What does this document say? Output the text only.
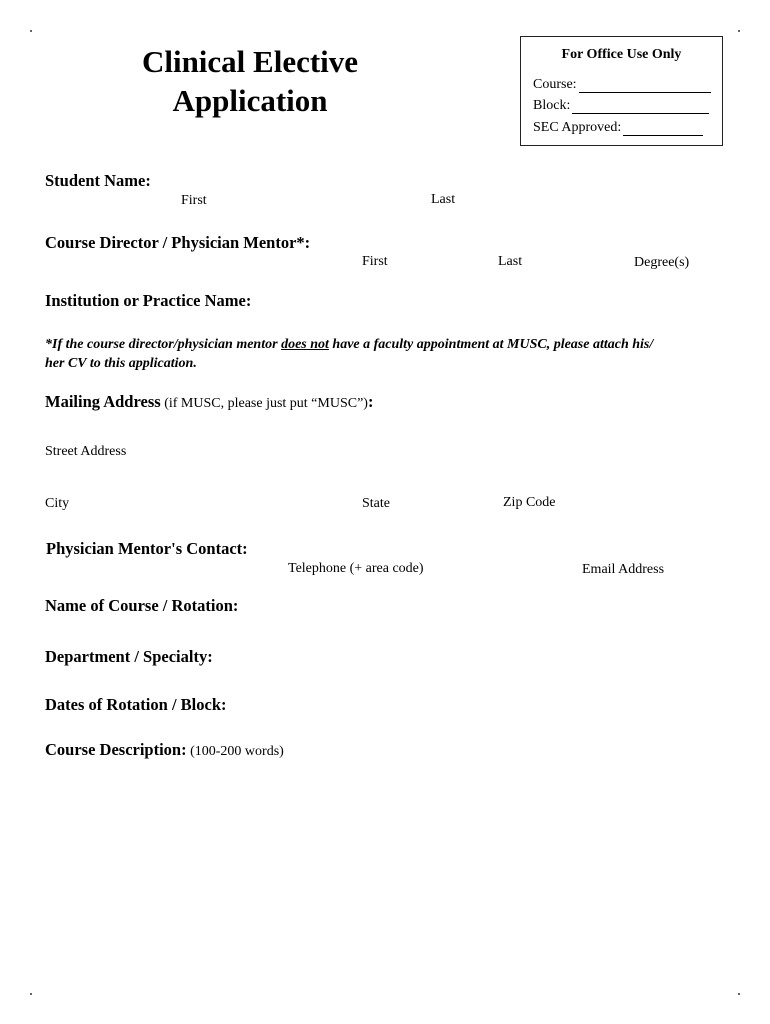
Clinical Elective
Application
For Office Use Only
Course:
Block:
SEC Approved:
Student Name:
First	Last
Course Director / Physician Mentor*:
First	Last	Degree(s)
Institution or Practice Name:
*If the course director/physician mentor does not have a faculty appointment at MUSC, please attach his/
her CV to this application.
Mailing Address (if MUSC, please just put “MUSC”):
Street Address
City	State	Zip Code
Physician Mentor's Contact:
Telephone (+ area code)	Email Address
Name of Course / Rotation:
Department / Specialty:
Dates of Rotation / Block:
Course Description: (100-200 words)
